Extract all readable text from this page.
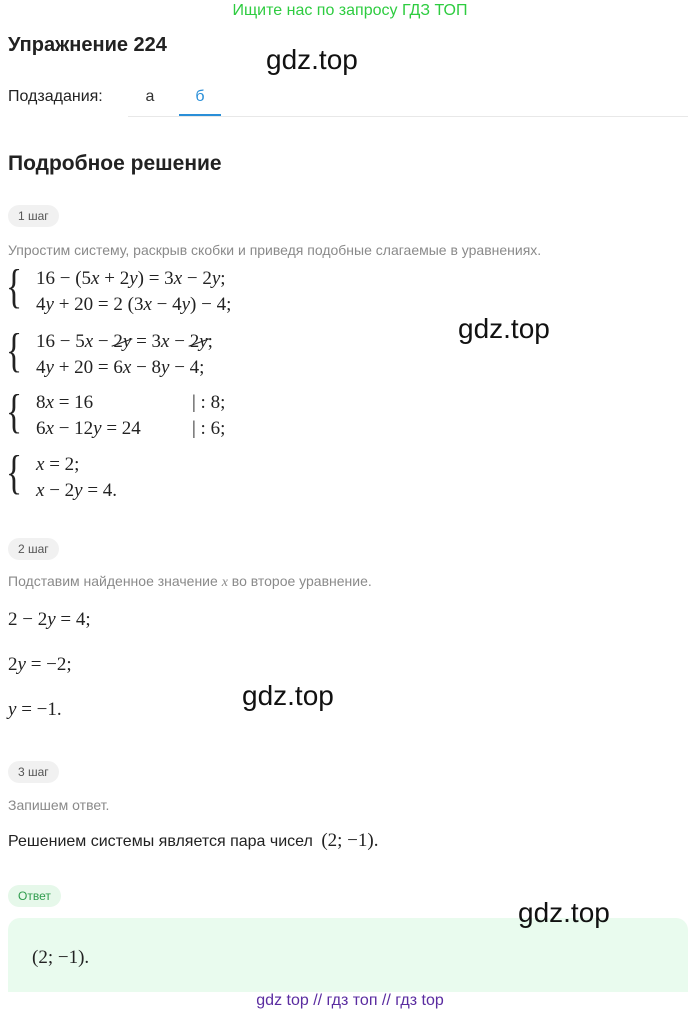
Ищите нас по запросу ГДЗ ТОП
Упражнение 224	gdz.top
Подзадания:	а	б
Подробное решение
1 шаг
Упростим систему, раскрыв скобки и приведя подобные слагаемые в уравнениях.
{ 16 − (5x + 2y) = 3x − 2y;
4y + 20 = 2 (3x − 4y) − 4;
gdz.top
{ 16 − 5x − 2y = 3x − 2y;
4y + 20 = 6x − 8y − 4;
{ 8x = 16	| : 8;
6x − 12y = 24	| : 6;
{ x = 2;
x − 2y = 4.
2 шаг
Подставим найденное значение x во второе уравнение.
2 − 2y = 4;
2y = −2;
gdz.top
y = −1.
3 шаг
Запишем ответ.
Решением системы является пара чисел (2; −1).
Ответ
gdz.top
(2; −1).
gdz top // гдз топ // гдз top
